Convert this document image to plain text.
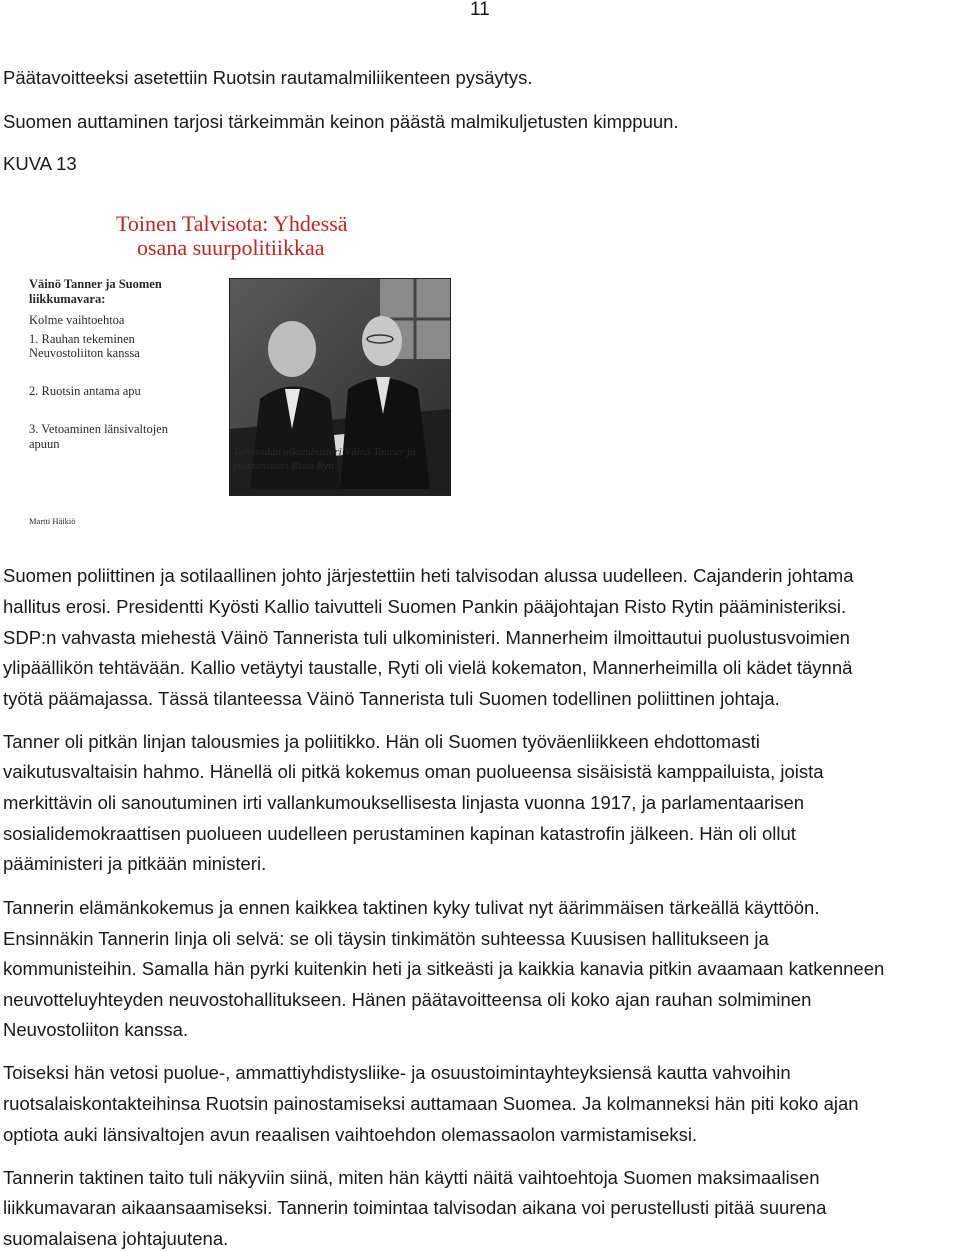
11
Päätavoitteeksi asetettiin Ruotsin rautamalmiliikenteen pysäytys.
Suomen auttaminen tarjosi tärkeimmän keinon päästä malmikuljetusten kimppuun.
KUVA 13
Toinen Talvisota: Yhdessä
osana suurpolitiikkaa
Väinö Tanner ja Suomen
liikkumavara:
Kolme vaihtoehtoa
1. Rauhan tekeminen
Neuvostoliiton kanssa
2. Ruotsin antama apu
3. Vetoaminen länsivaltojen
apuun
Talvisodan ulkoministeri Väinö Tanner ja
pääministeri Risto Ryti
Martti Häikiö
Suomen poliittinen ja sotilaallinen johto järjestettiin heti talvisodan alussa uudelleen. Cajanderin johtama
hallitus erosi. Presidentti Kyösti Kallio taivutteli Suomen Pankin pääjohtajan Risto Rytin pääministeriksi.
SDP:n vahvasta miehestä Väinö Tannerista tuli ulkoministeri. Mannerheim ilmoittautui puolustusvoimien
ylipäällikön tehtävään. Kallio vetäytyi taustalle, Ryti oli vielä kokematon, Mannerheimilla oli kädet täynnä
työtä päämajassa. Tässä tilanteessa Väinö Tannerista tuli Suomen todellinen poliittinen johtaja.
Tanner oli pitkän linjan talousmies ja poliitikko. Hän oli Suomen työväenliikkeen ehdottomasti
vaikutusvaltaisin hahmo. Hänellä oli pitkä kokemus oman puolueensa sisäisistä kamppailuista, joista
merkittävin oli sanoutuminen irti vallankumouksellisesta linjasta vuonna 1917, ja parlamentaarisen
sosialidemokraattisen puolueen uudelleen perustaminen kapinan katastrofin jälkeen. Hän oli ollut
pääministeri ja pitkään ministeri.
Tannerin elämänkokemus ja ennen kaikkea taktinen kyky tulivat nyt äärimmäisen tärkeällä käyttöön.
Ensinnäkin Tannerin linja oli selvä: se oli täysin tinkimätön suhteessa Kuusisen hallitukseen ja
kommunisteihin. Samalla hän pyrki kuitenkin heti ja sitkeästi ja kaikkia kanavia pitkin avaamaan katkenneen
neuvotteluyhteyden neuvostohallitukseen. Hänen päätavoitteensa oli koko ajan rauhan solmiminen
Neuvostoliiton kanssa.
Toiseksi hän vetosi puolue-, ammattiyhdistysliike- ja osuustoimintayhteyksiensä kautta vahvoihin
ruotsalaiskontakteihinsa Ruotsin painostamiseksi auttamaan Suomea. Ja kolmanneksi hän piti koko ajan
optiota auki länsivaltojen avun reaalisen vaihtoehdon olemassaolon varmistamiseksi.
Tannerin taktinen taito tuli näkyviin siinä, miten hän käytti näitä vaihtoehtoja Suomen maksimaalisen
liikkumavaran aikaansaamiseksi. Tannerin toimintaa talvisodan aikana voi perustellusti pitää suurena
suomalaisena johtajuutena.
